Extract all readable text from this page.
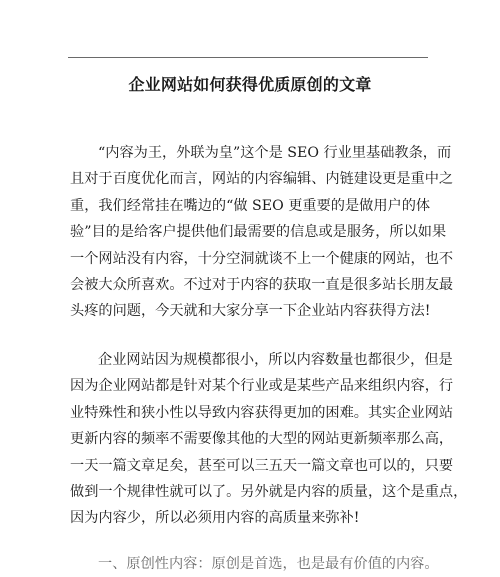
企业网站如何获得优质原创的文章
“内容为王，外联为皇”这个是 SEO 行业里基础教条，而
且对于百度优化而言，网站的内容编辑、内链建设更是重中之
重，我们经常挂在嘴边的“做 SEO 更重要的是做用户的体
验”目的是给客户提供他们最需要的信息或是服务，所以如果
一个网站没有内容，十分空洞就谈不上一个健康的网站，也不
会被大众所喜欢。不过对于内容的获取一直是很多站长朋友最
头疼的问题，今天就和大家分享一下企业站内容获得方法!
企业网站因为规模都很小，所以内容数量也都很少，但是
因为企业网站都是针对某个行业或是某些产品来组织内容，行
业特殊性和狭小性以导致内容获得更加的困难。其实企业网站
更新内容的频率不需要像其他的大型的网站更新频率那么高，
一天一篇文章足矣，甚至可以三五天一篇文章也可以的，只要
做到一个规律性就可以了。另外就是内容的质量，这个是重点，
因为内容少，所以必须用内容的高质量来弥补!
一、原创性内容：原创是首选，也是最有价值的内容。
